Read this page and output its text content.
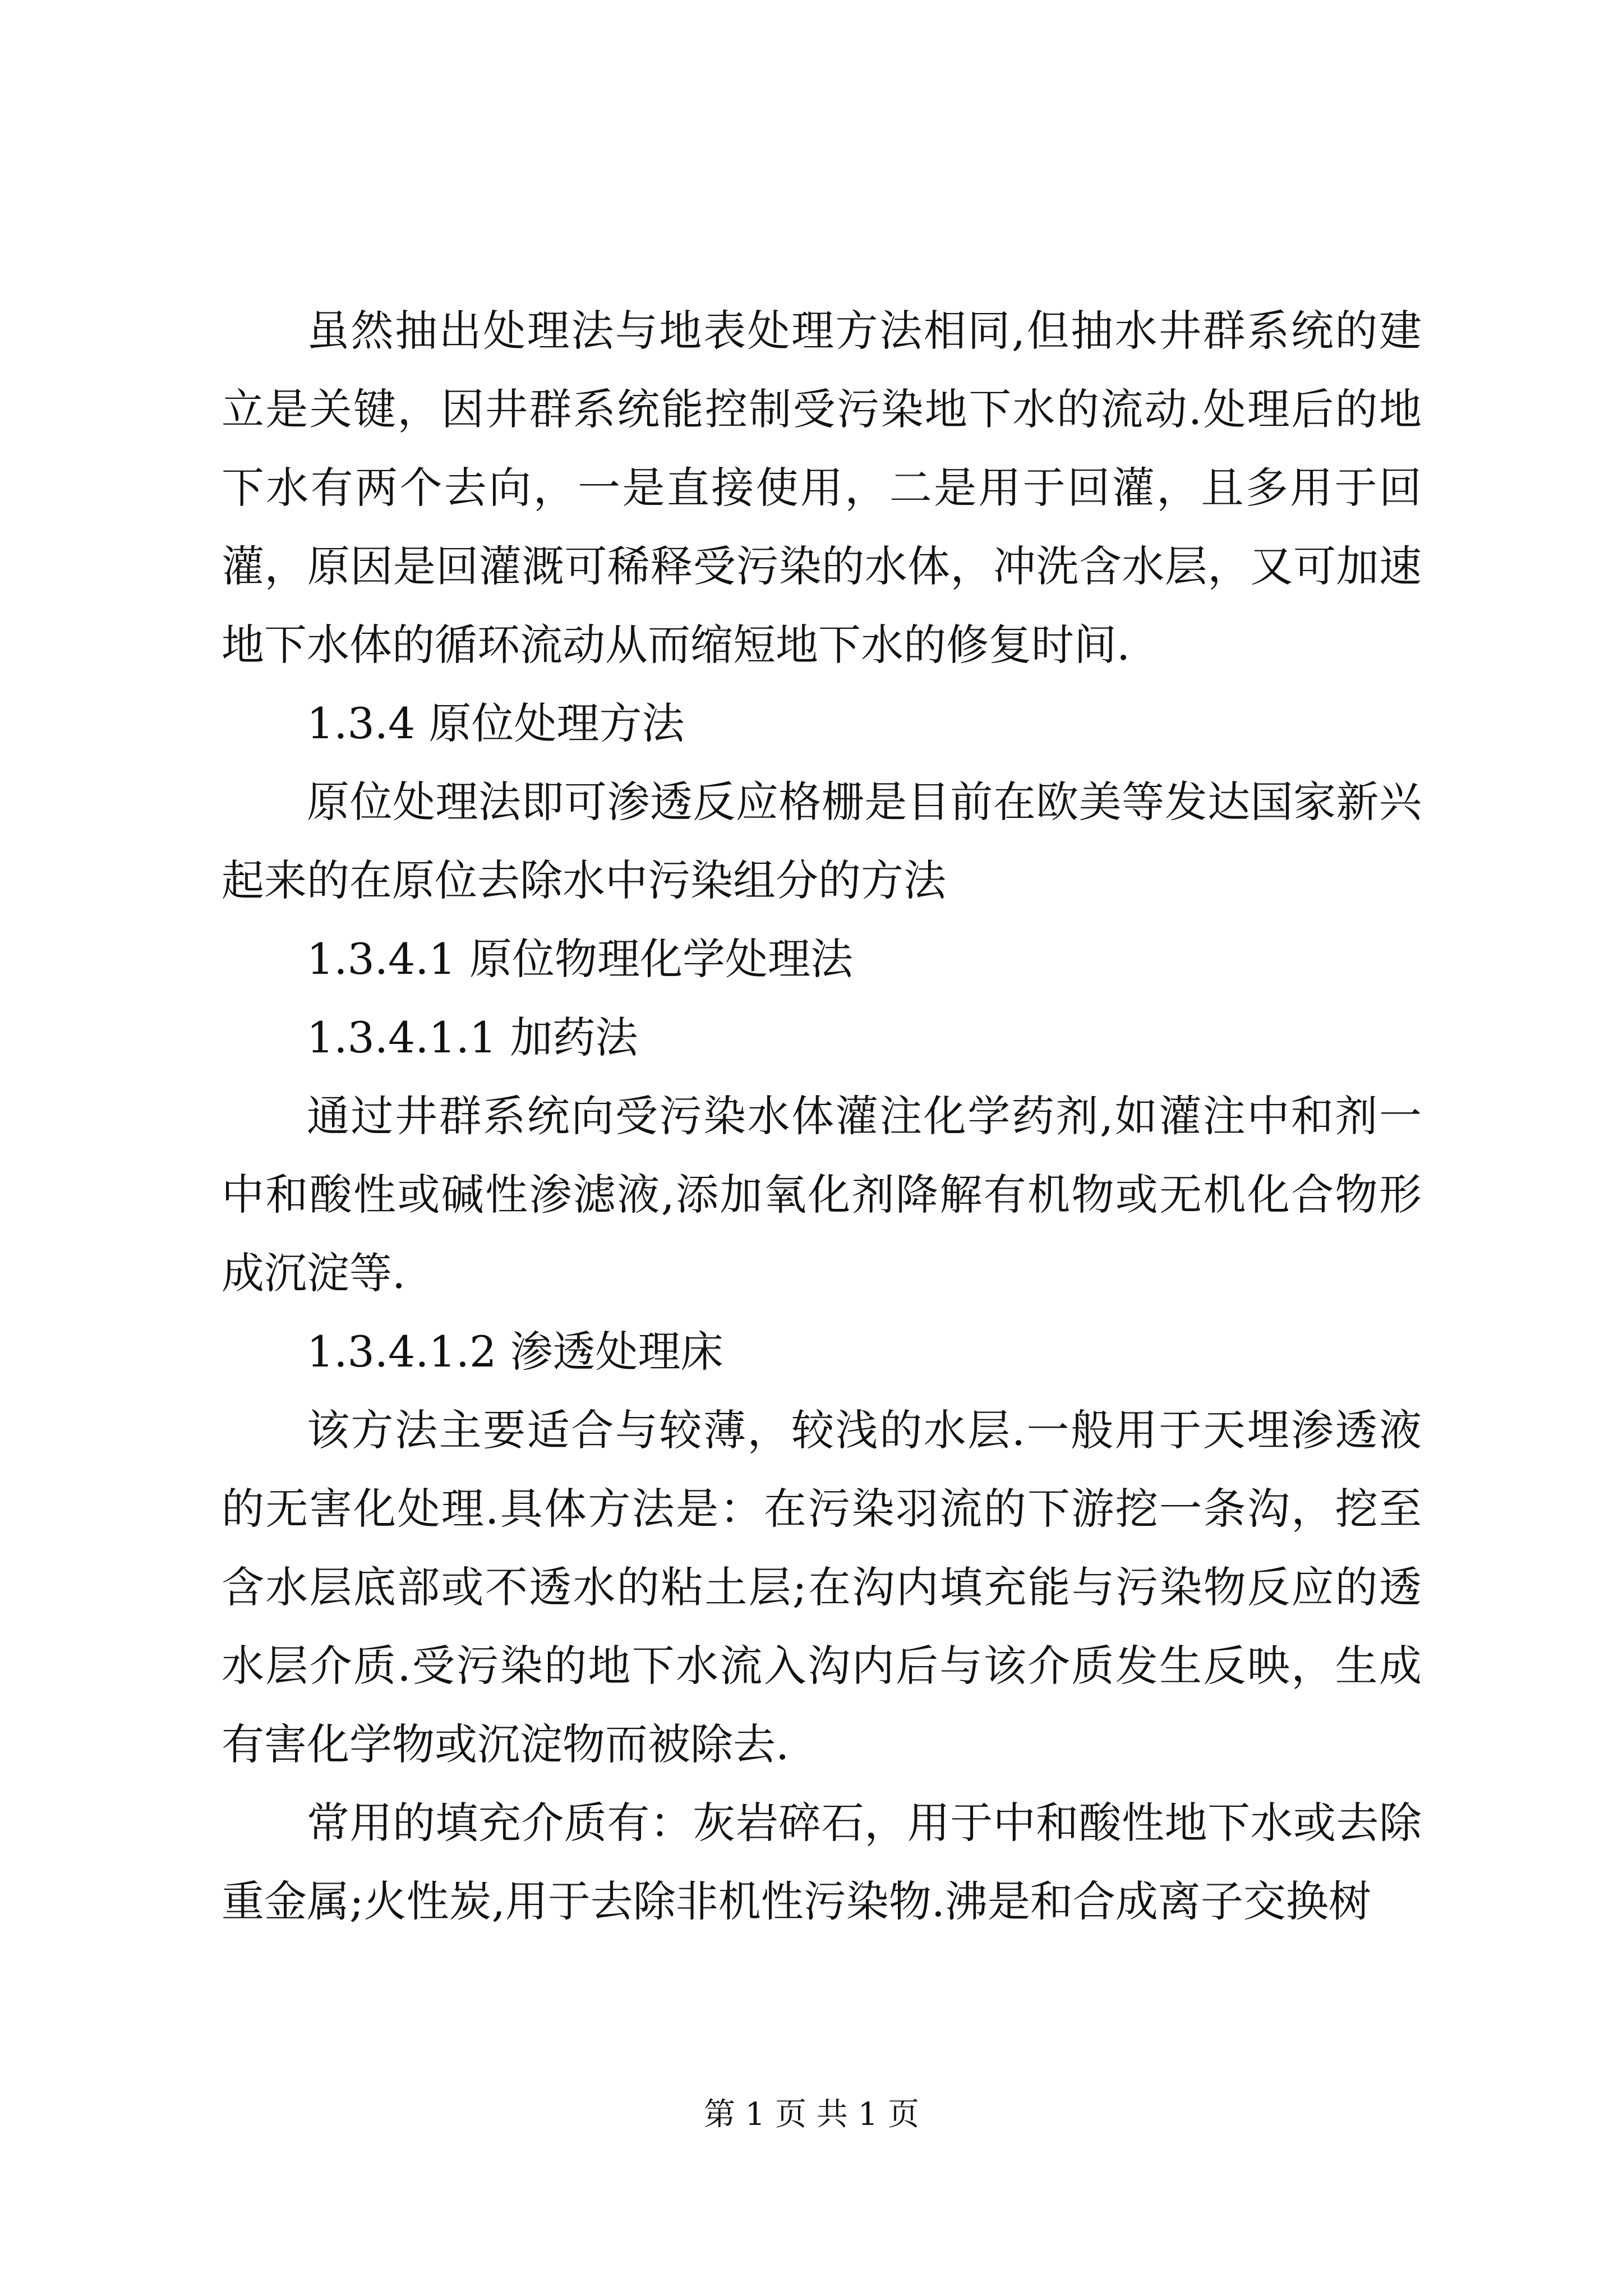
虽然抽出处理法与地表处理方法相同,但抽水井群系统的建立是关键，因井群系统能控制受污染地下水的流动.处理后的地下水有两个去向，一是直接使用，二是用于回灌，且多用于回灌，原因是回灌溉可稀释受污染的水体，冲洗含水层，又可加速地下水体的循环流动从而缩短地下水的修复时间.

1.3.4 原位处理方法

原位处理法即可渗透反应格栅是目前在欧美等发达国家新兴起来的在原位去除水中污染组分的方法

1.3.4.1 原位物理化学处理法

1.3.4.1.1 加药法

通过井群系统向受污染水体灌注化学药剂,如灌注中和剂一中和酸性或碱性渗滤液,添加氧化剂降解有机物或无机化合物形成沉淀等.

1.3.4.1.2 渗透处理床

该方法主要适合与较薄，较浅的水层.一般用于天埋渗透液的无害化处理.具体方法是：在污染羽流的下游挖一条沟，挖至含水层底部或不透水的粘土层;在沟内填充能与污染物反应的透水层介质.受污染的地下水流入沟内后与该介质发生反映，生成有害化学物或沉淀物而被除去.

常用的填充介质有：灰岩碎石，用于中和酸性地下水或去除重金属;火性炭,用于去除非机性污染物.沸是和合成离子交换树

第 1 页 共 1 页
